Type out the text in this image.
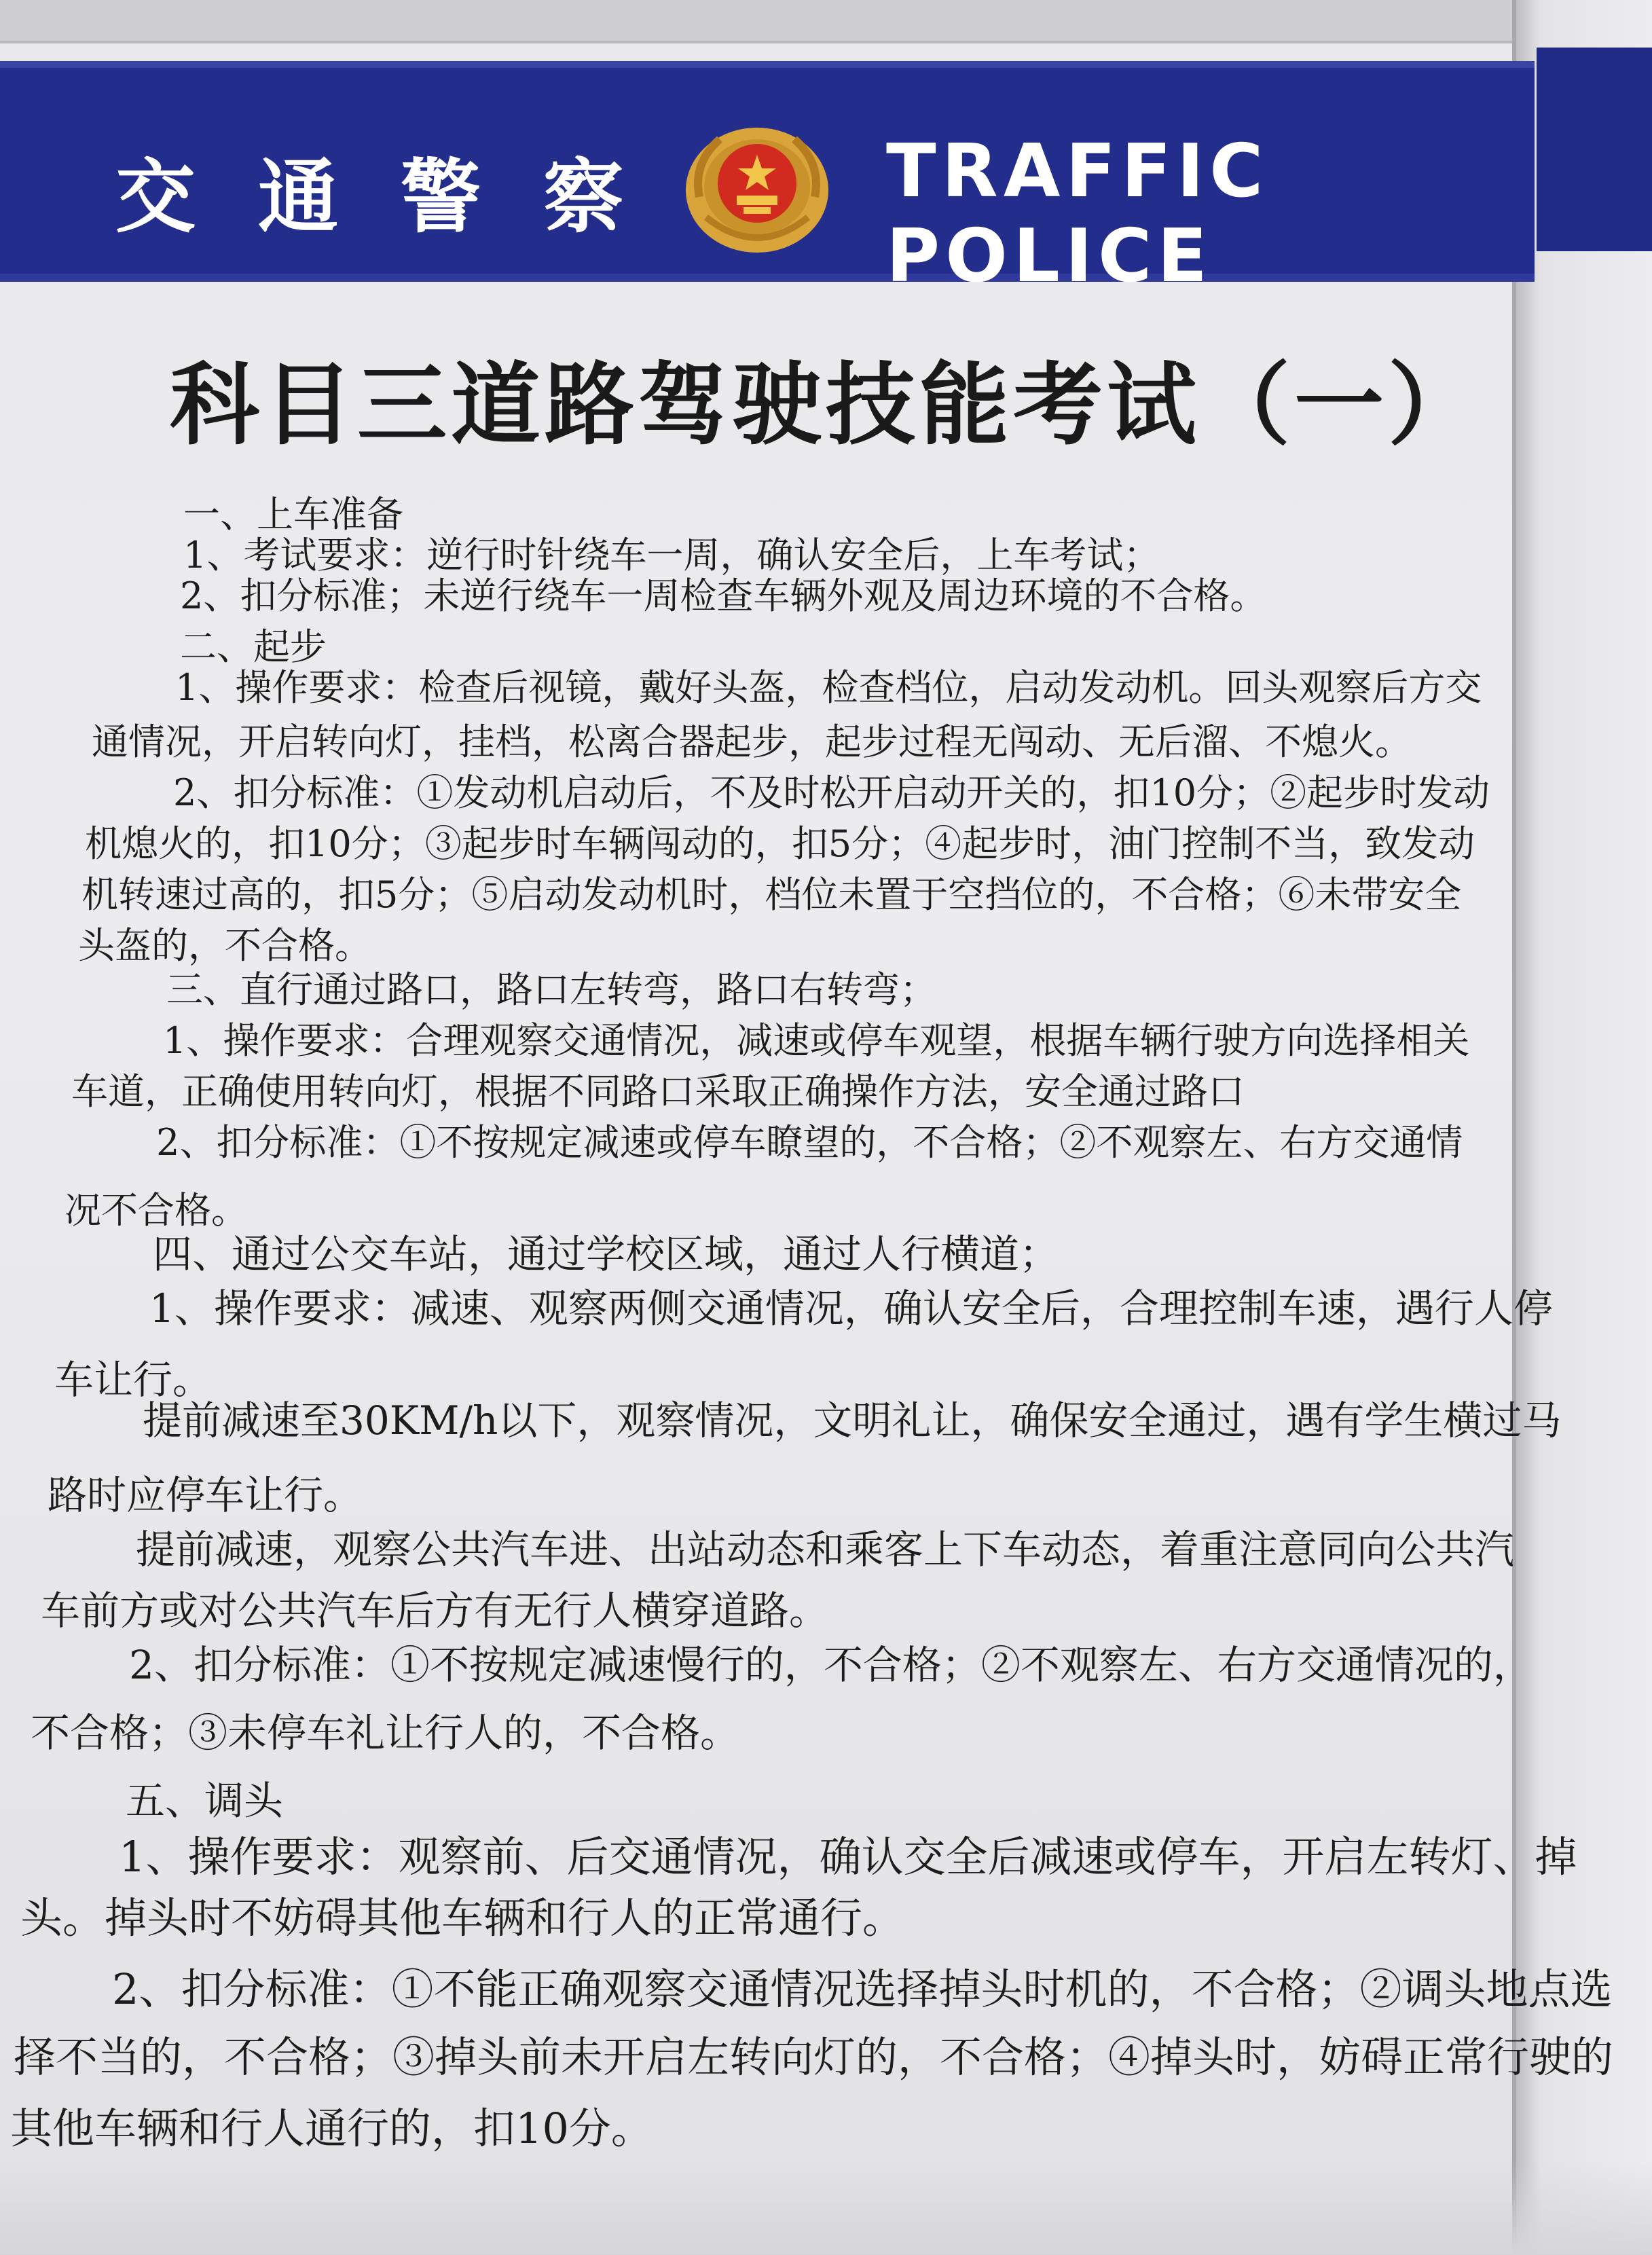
交通警察	TRAFFIC POLICE
科目三道路驾驶技能考试（一）
一、上车准备
1、考试要求：逆行时针绕车一周，确认安全后，上车考试；
2、扣分标准；未逆行绕车一周检查车辆外观及周边环境的不合格。
二、起步
1、操作要求：检查后视镜，戴好头盔，检查档位，启动发动机。回头观察后方交
通情况，开启转向灯，挂档，松离合器起步，起步过程无闯动、无后溜、不熄火。
2、扣分标准：①发动机启动后，不及时松开启动开关的，扣10分；②起步时发动
机熄火的，扣10分；③起步时车辆闯动的，扣5分；④起步时，油门控制不当，致发动
机转速过高的，扣5分；⑤启动发动机时，档位未置于空挡位的，不合格；⑥未带安全
头盔的，不合格。
三、直行通过路口，路口左转弯，路口右转弯；
1、操作要求：合理观察交通情况，减速或停车观望，根据车辆行驶方向选择相关
车道，正确使用转向灯，根据不同路口采取正确操作方法，安全通过路口
2、扣分标准：①不按规定减速或停车瞭望的，不合格；②不观察左、右方交通情
况不合格。
四、通过公交车站，通过学校区域，通过人行横道；
1、操作要求：减速、观察两侧交通情况，确认安全后，合理控制车速，遇行人停
车让行。
提前减速至30KM/h以下，观察情况，文明礼让，确保安全通过，遇有学生横过马
路时应停车让行。
提前减速，观察公共汽车进、出站动态和乘客上下车动态，着重注意同向公共汽
车前方或对公共汽车后方有无行人横穿道路。
2、扣分标准：①不按规定减速慢行的，不合格；②不观察左、右方交通情况的，
不合格；③未停车礼让行人的，不合格。
五、调头
1、操作要求：观察前、后交通情况，确认交全后减速或停车，开启左转灯、掉
头。掉头时不妨碍其他车辆和行人的正常通行。
2、扣分标准：①不能正确观察交通情况选择掉头时机的，不合格；②调头地点选
择不当的，不合格；③掉头前未开启左转向灯的，不合格；④掉头时，妨碍正常行驶的
其他车辆和行人通行的，扣10分。
